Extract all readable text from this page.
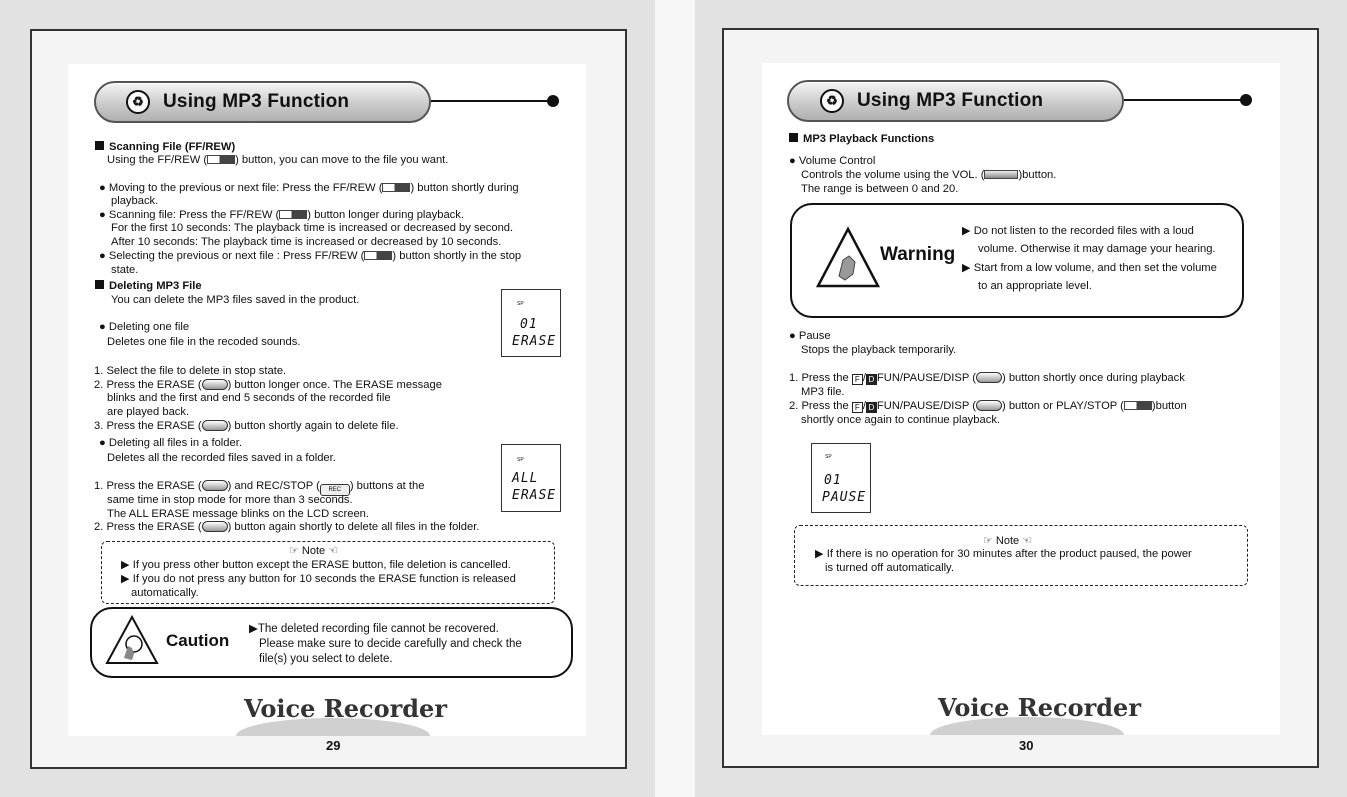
♻	Using MP3 Function
Scanning File (FF/REW)
Using the FF/REW (	) button, you can move to the file you want.
● Moving to the previous or next file: Press the FF/REW (	) button shortly during
playback.
● Scanning file: Press the FF/REW (	) button longer during playback.
For the first 10 seconds: The playback time is increased or decreased by second.
After 10 seconds: The playback time is increased or decreased by 10 seconds.
● Selecting the previous or next file : Press FF/REW (	) button shortly in the stop
state.
Deleting MP3 File
You can delete the MP3 files saved in the product.
● Deleting one file
Deletes one file in the recoded sounds.
SP
01
ERASE
1. Select the file to delete in stop state.
2. Press the ERASE ( ) button longer once. The ERASE message
blinks and the first and end 5 seconds of the recorded file
are played back.
3. Press the ERASE ( ) button shortly again to delete file.
● Deleting all files in a folder.
Deletes all the recorded files saved in a folder.	SP
ALL
ERASE
1. Press the ERASE ( ) and REC/STOP ( REC ) buttons at the
same time in stop mode for more than 3 seconds.
The ALL ERASE message blinks on the LCD screen.
2. Press the ERASE ( ) button again shortly to delete all files in the folder.
☞ Note ☜
▶ If you press other button except the ERASE button, file deletion is cancelled.
▶ If you do not press any button for 10 seconds the ERASE function is released
automatically.
Caution
▶The deleted recording file cannot be recovered.
Please make sure to decide carefully and check the
file(s) you select to delete.
Voice Recorder
29
♻	Using MP3 Function
MP3 Playback Functions
● Volume Control
Controls the volume using the VOL. (	)button.
The range is between 0 and 20.
Warning
▶ Do not listen to the recorded files with a loud
volume. Otherwise it may damage your hearing.
▶ Start from a low volume, and then set the volume
to an appropriate level.
● Pause
Stops the playback temporarily.
1. Press the F / D FUN/PAUSE/DISP ( ) button shortly once during playback
MP3 file.
2. Press the F / D FUN/PAUSE/DISP ( ) button or PLAY/STOP (	)button
shortly once again to continue playback.
SP
01
PAUSE
☞ Note ☜
▶ If there is no operation for 30 minutes after the product paused, the power
is turned off automatically.
Voice Recorder
30
